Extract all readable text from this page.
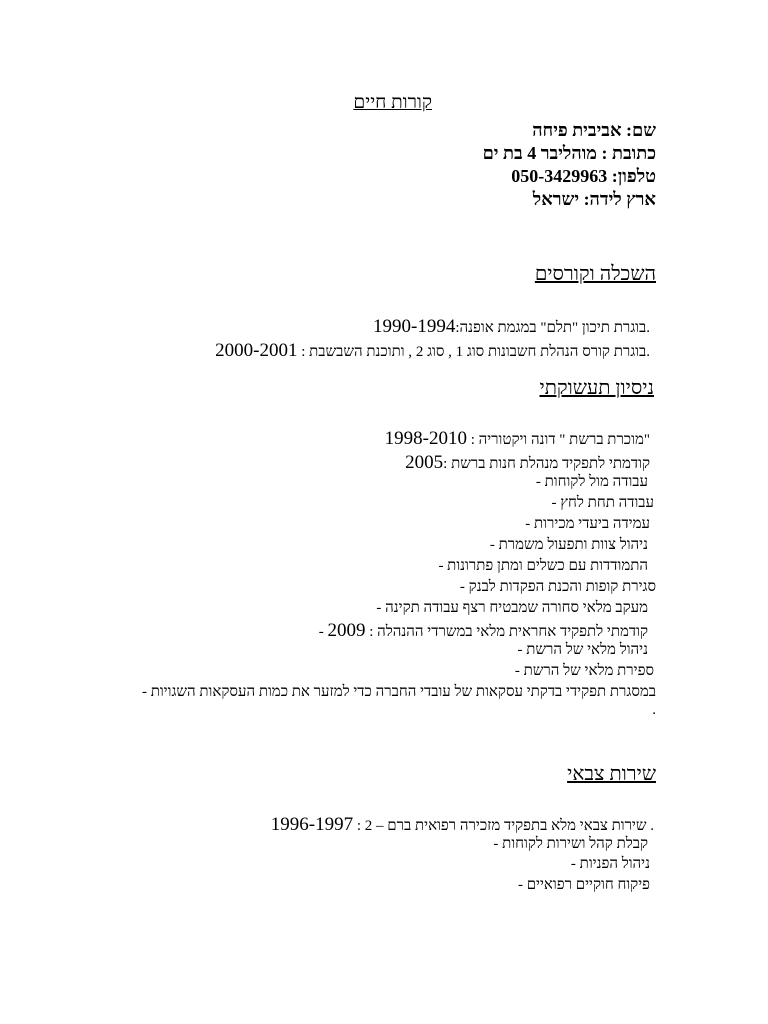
קורות חיים
שם: אביבית פיחה
כתובת : מוהליבר 4 בת ים
טלפון: 050-3429963
ארץ לידה: ישראל
השכלה וקורסים
.בוגרת תיכון "תלם" במגמת אופנה:1990-1994
.בוגרת קורס הנהלת חשבונות סוג 1 , סוג 2 , ותוכנת השבשבת : 2000-2001
ניסיון תעשוקתי
"מוכרת ברשת " דונה ויקטוריה : 1998-2010
קודמתי לתפקיד מנהלת חנות ברשת :2005
עבודה מול לקוחות -
עבודה תחת לחץ -
עמידה ביעדי מכירות -
ניהול צוות ותפעול משמרת -
התמודדות עם כשלים ומתן פתרונות -
סגירת קופות והכנת הפקדות לבנק -
מעקב מלאי סחורה שמבטיח רצף עבודה תקינה -
קודמתי לתפקיד אחראית מלאי במשרדי ההנהלה : 2009 -
ניהול מלאי של הרשת -
ספירת מלאי של הרשת -
במסגרת תפקידי בדקתי עסקאות של עובדי החברה כדי למזער את כמות העסקאות השגויות -
.
שירות צבאי
. שירות צבאי מלא בתפקיד מזכירה רפואית ברם – 2 : 1996-1997
קבלת קהל ושירות לקוחות -
ניהול הפניות -
פיקוח חוקיים רפואיים -
